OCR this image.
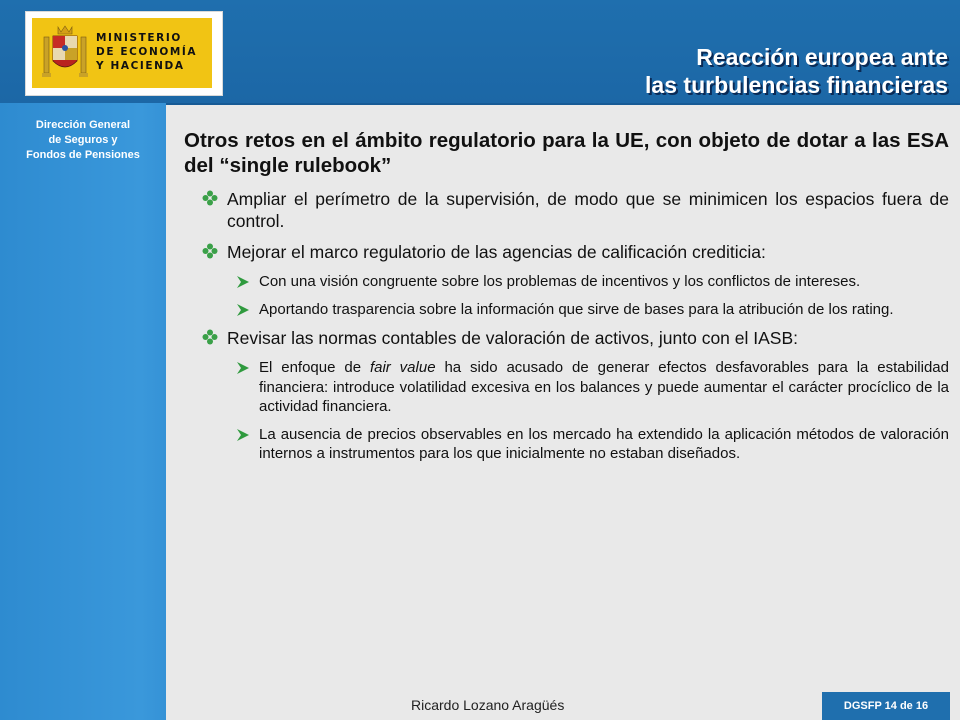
MINISTERIO
DE ECONOMÍA
Y HACIENDA
Dirección General
de Seguros y
Fondos de Pensiones
Reacción europea ante
las turbulencias financieras
Otros retos en el ámbito regulatorio para la UE, con objeto de dotar a las ESA del “single rulebook”
Ampliar el perímetro de la supervisión, de modo que se minimicen los espacios fuera de control.
Mejorar el marco regulatorio de las agencias de calificación crediticia:
Con una visión congruente sobre los problemas de incentivos y los conflictos de intereses.
Aportando trasparencia sobre la información que sirve de bases para la atribución de los rating.
Revisar las normas contables de valoración de activos, junto con el IASB:
El enfoque de fair value ha sido acusado de generar efectos desfavorables para la estabilidad financiera: introduce volatilidad excesiva en los balances y puede aumentar el carácter procíclico de la actividad financiera.
La ausencia de precios observables en los mercado ha extendido la aplicación métodos de valoración internos a instrumentos para los que inicialmente no estaban diseñados.
Ricardo Lozano Aragüés	DGSFP 14 de 16
